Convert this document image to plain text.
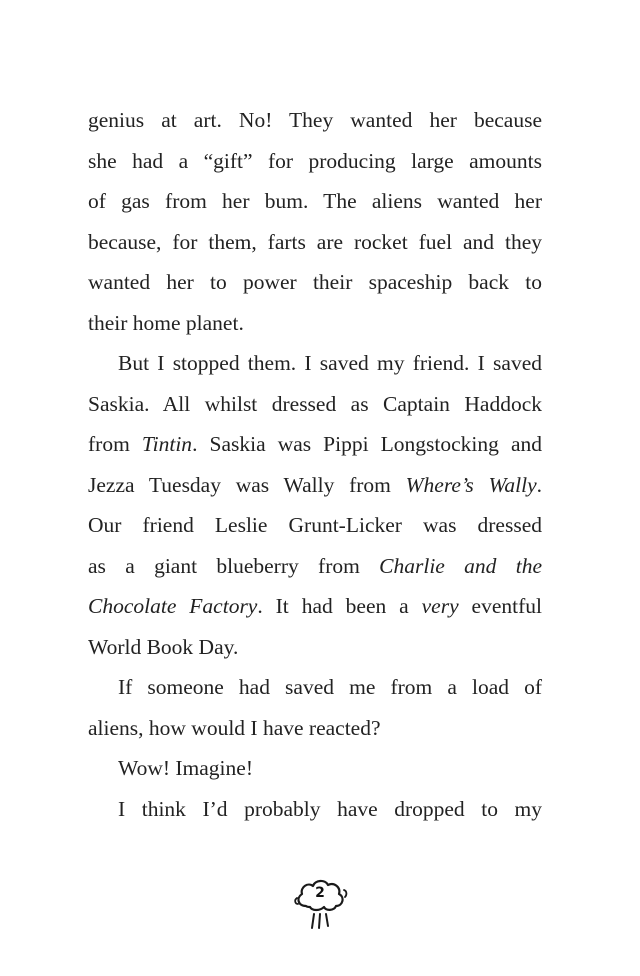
genius at art. No! They wanted her because
she had a “gift” for producing large amounts
of gas from her bum. The aliens wanted her
because, for them, farts are rocket fuel and they
wanted her to power their spaceship back to
their home planet.
But I stopped them. I saved my friend. I saved
Saskia. All whilst dressed as Captain Haddock
from Tintin. Saskia was Pippi Longstocking and
Jezza Tuesday was Wally from Where’s Wally.
Our friend Leslie Grunt-Licker was dressed
as a giant blueberry from Charlie and the
Chocolate Factory. It had been a very eventful
World Book Day.
If someone had saved me from a load of
aliens, how would I have reacted?
Wow! Imagine!
I think I’d probably have dropped to my
2
